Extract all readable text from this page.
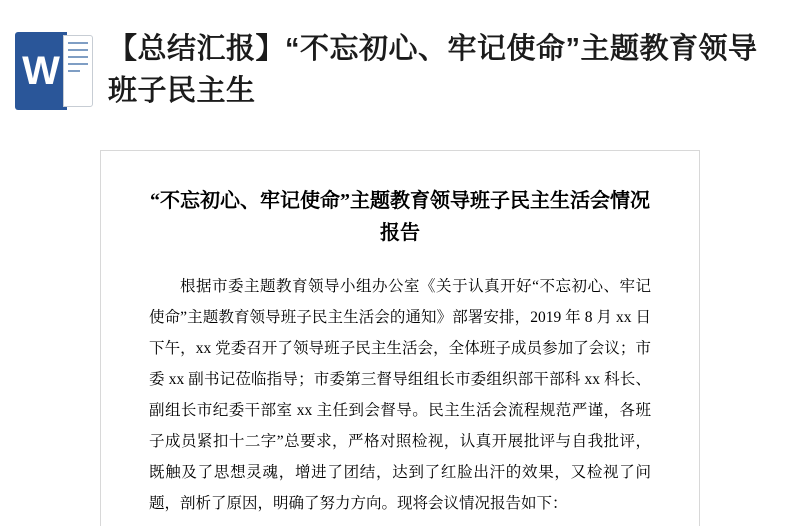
W 【总结汇报】“不忘初心、牢记使命”主题教育领导班子民主生
“不忘初心、牢记使命”主题教育领导班子民主生活会情况报告

根据市委主题教育领导小组办公室《关于认真开好“不忘初心、牢记使命”主题教育领导班子民主生活会的通知》部署安排，2019 年 8 月 xx 日下午，xx 党委召开了领导班子民主生活会，全体班子成员参加了会议；市委 xx 副书记莅临指导；市委第三督导组组长市委组织部干部科 xx 科长、副组长市纪委干部室 xx 主任到会督导。民主生活会流程规范严谨，各班子成员紧扣十二字”总要求，严格对照检视，认真开展批评与自我批评，既触及了思想灵魂，增进了团结，达到了红脸出汗的效果，又检视了问题，剖析了原因，明确了努力方向。现将会议情况报告如下：
